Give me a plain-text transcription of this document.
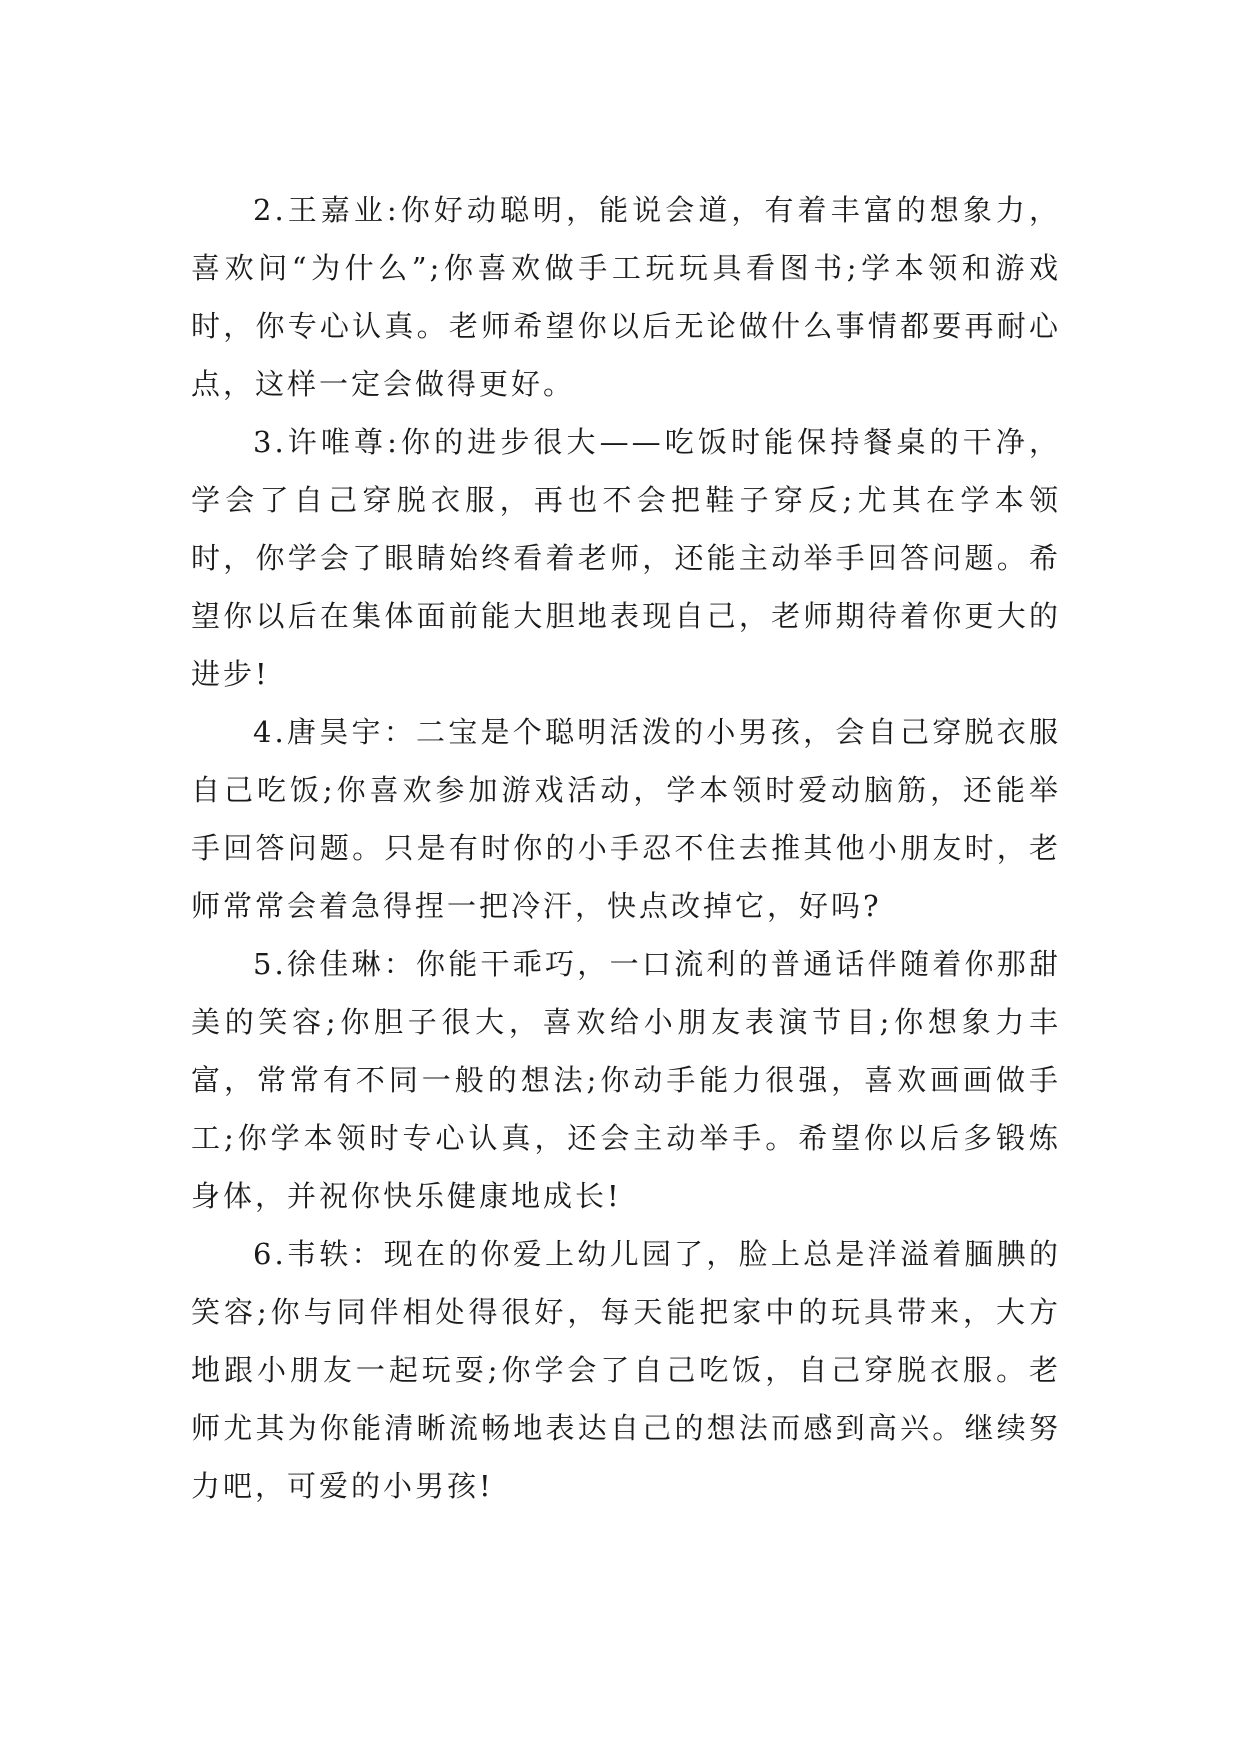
2.王嘉业:你好动聪明，能说会道，有着丰富的想象力，喜欢问“为什么”;你喜欢做手工玩玩具看图书;学本领和游戏时，你专心认真。老师希望你以后无论做什么事情都要再耐心点，这样一定会做得更好。

3.许唯尊:你的进步很大——吃饭时能保持餐桌的干净，学会了自己穿脱衣服，再也不会把鞋子穿反;尤其在学本领时，你学会了眼睛始终看着老师，还能主动举手回答问题。希望你以后在集体面前能大胆地表现自己，老师期待着你更大的进步!

4.唐昊宇：二宝是个聪明活泼的小男孩，会自己穿脱衣服自己吃饭;你喜欢参加游戏活动，学本领时爱动脑筋，还能举手回答问题。只是有时你的小手忍不住去推其他小朋友时，老师常常会着急得捏一把冷汗，快点改掉它，好吗?

5.徐佳琳：你能干乖巧，一口流利的普通话伴随着你那甜美的笑容;你胆子很大，喜欢给小朋友表演节目;你想象力丰富，常常有不同一般的想法;你动手能力很强，喜欢画画做手工;你学本领时专心认真，还会主动举手。希望你以后多锻炼身体，并祝你快乐健康地成长!

6.韦轶：现在的你爱上幼儿园了，脸上总是洋溢着腼腆的笑容;你与同伴相处得很好，每天能把家中的玩具带来，大方地跟小朋友一起玩耍;你学会了自己吃饭，自己穿脱衣服。老师尤其为你能清晰流畅地表达自己的想法而感到高兴。继续努力吧，可爱的小男孩!
